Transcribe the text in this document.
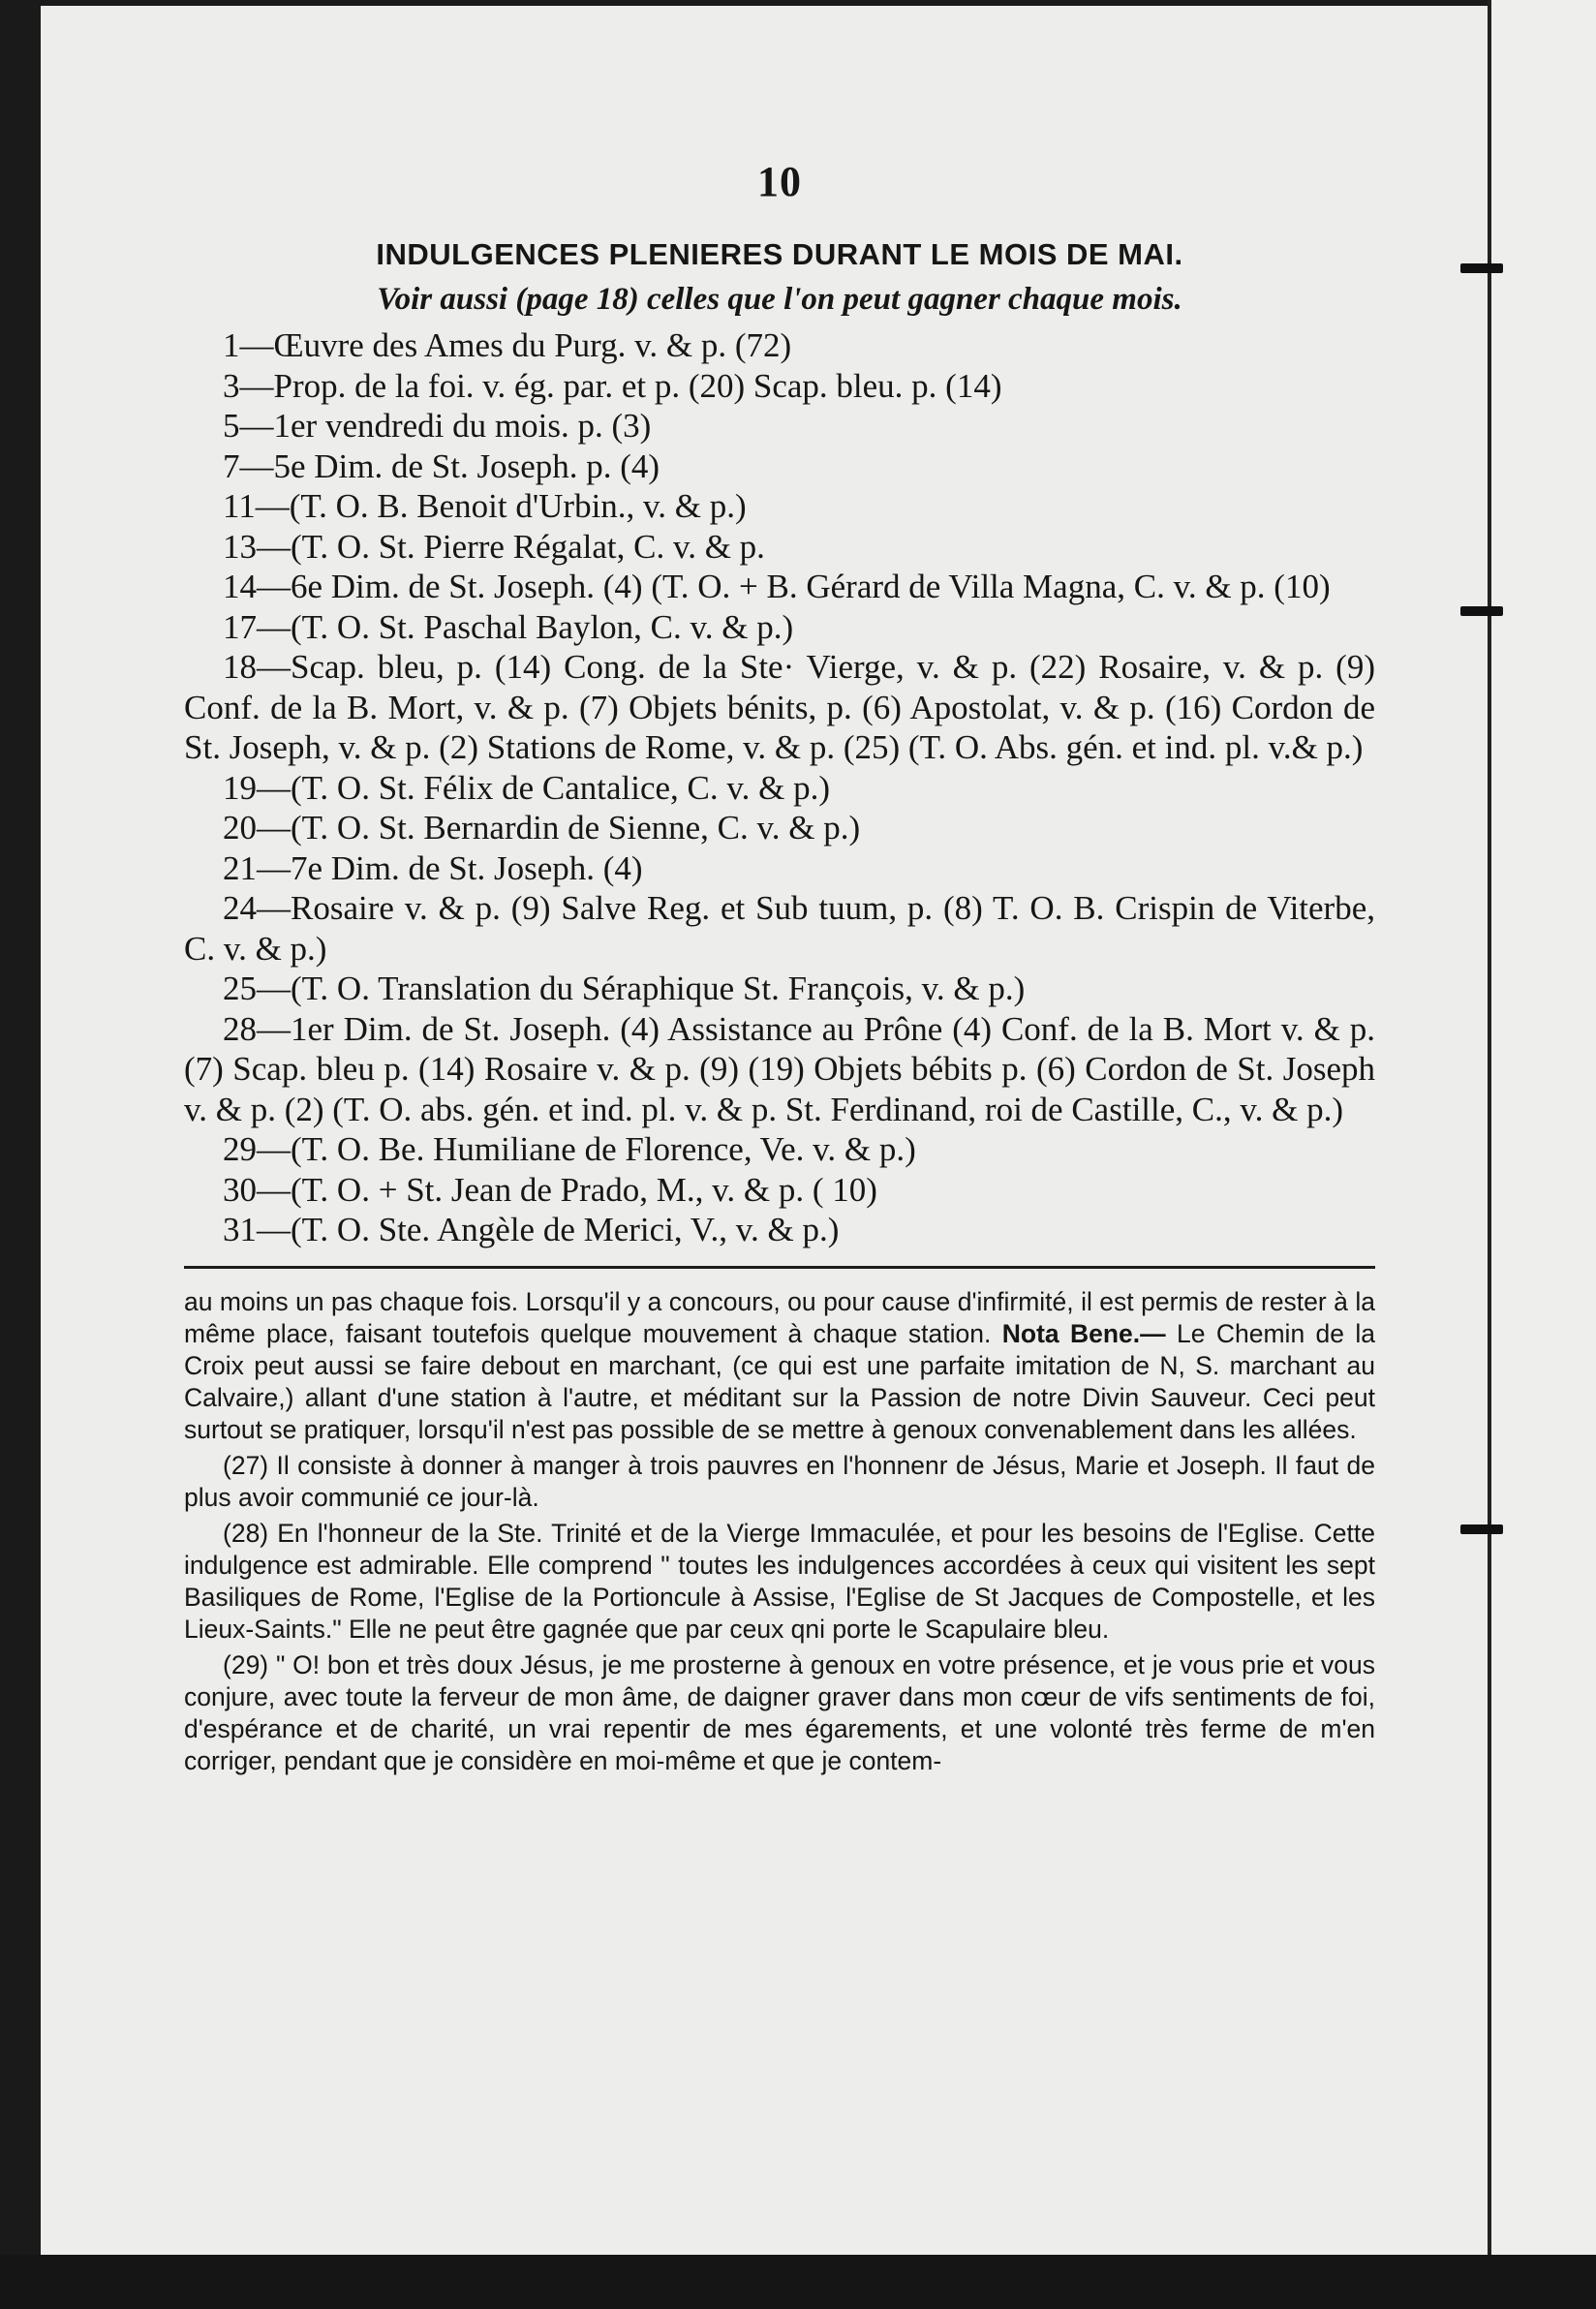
10
INDULGENCES PLENIERES DURANT LE MOIS DE MAI.
Voir aussi (page 18) celles que l'on peut gagner chaque mois.

1—Œuvre des Ames du Purg. v. & p. (72)

3—Prop. de la foi. v. ég. par. et p. (20) Scap. bleu. p. (14)

5—1er vendredi du mois. p. (3)

7—5e Dim. de St. Joseph. p. (4)

11—(T. O. B. Benoit d'Urbin., v. & p.)

13—(T. O. St. Pierre Régalat, C. v. & p.

14—6e Dim. de St. Joseph. (4) (T. O. + B. Gérard de Villa Magna, C. v. & p. (10)

17—(T. O. St. Paschal Baylon, C. v. & p.)

18—Scap. bleu, p. (14) Cong. de la Ste· Vierge, v. & p. (22) Rosaire, v. & p. (9) Conf. de la B. Mort, v. & p. (7) Objets bénits, p. (6) Apostolat, v. & p. (16) Cordon de St. Joseph, v. & p. (2) Stations de Rome, v. & p. (25) (T. O. Abs. gén. et ind. pl. v.& p.)

19—(T. O. St. Félix de Cantalice, C. v. & p.)

20—(T. O. St. Bernardin de Sienne, C. v. & p.)

21—7e Dim. de St. Joseph. (4)

24—Rosaire v. & p. (9) Salve Reg. et Sub tuum, p. (8) T. O. B. Crispin de Viterbe, C. v. & p.)

25—(T. O. Translation du Séraphique St. François, v. & p.)

28—1er Dim. de St. Joseph. (4) Assistance au Prône (4) Conf. de la B. Mort v. & p. (7) Scap. bleu p. (14) Rosaire v. & p. (9) (19) Objets bébits p. (6) Cordon de St. Joseph v. & p. (2) (T. O. abs. gén. et ind. pl. v. & p. St. Ferdinand, roi de Castille, C., v. & p.)

29—(T. O. Be. Humiliane de Florence, Ve. v. & p.)

30—(T. O. + St. Jean de Prado, M., v. & p. ( 10)

31—(T. O. Ste. Angèle de Merici, V., v. & p.)

au moins un pas chaque fois. Lorsqu'il y a concours, ou pour cause d'infirmité, il est permis de rester à la même place, faisant toutefois quelque mouvement à chaque station. Nota Bene.— Le Chemin de la Croix peut aussi se faire debout en marchant, (ce qui est une parfaite imitation de N, S. marchant au Calvaire,) allant d'une station à l'autre, et méditant sur la Passion de notre Divin Sauveur. Ceci peut surtout se pratiquer, lorsqu'il n'est pas possible de se mettre à genoux convenablement dans les allées.

(27) Il consiste à donner à manger à trois pauvres en l'honnenr de Jésus, Marie et Joseph. Il faut de plus avoir communié ce jour-là.

(28) En l'honneur de la Ste. Trinité et de la Vierge Immaculée, et pour les besoins de l'Eglise. Cette indulgence est admirable. Elle comprend " toutes les indulgences accordées à ceux qui visitent les sept Basiliques de Rome, l'Eglise de la Portioncule à Assise, l'Eglise de St Jacques de Compostelle, et les Lieux-Saints." Elle ne peut être gagnée que par ceux qni porte le Scapulaire bleu.

(29) " O! bon et très doux Jésus, je me prosterne à genoux en votre présence, et je vous prie et vous conjure, avec toute la ferveur de mon âme, de daigner graver dans mon cœur de vifs sentiments de foi, d'espérance et de charité, un vrai repentir de mes égarements, et une volonté très ferme de m'en corriger, pendant que je considère en moi-même et que je contem-
